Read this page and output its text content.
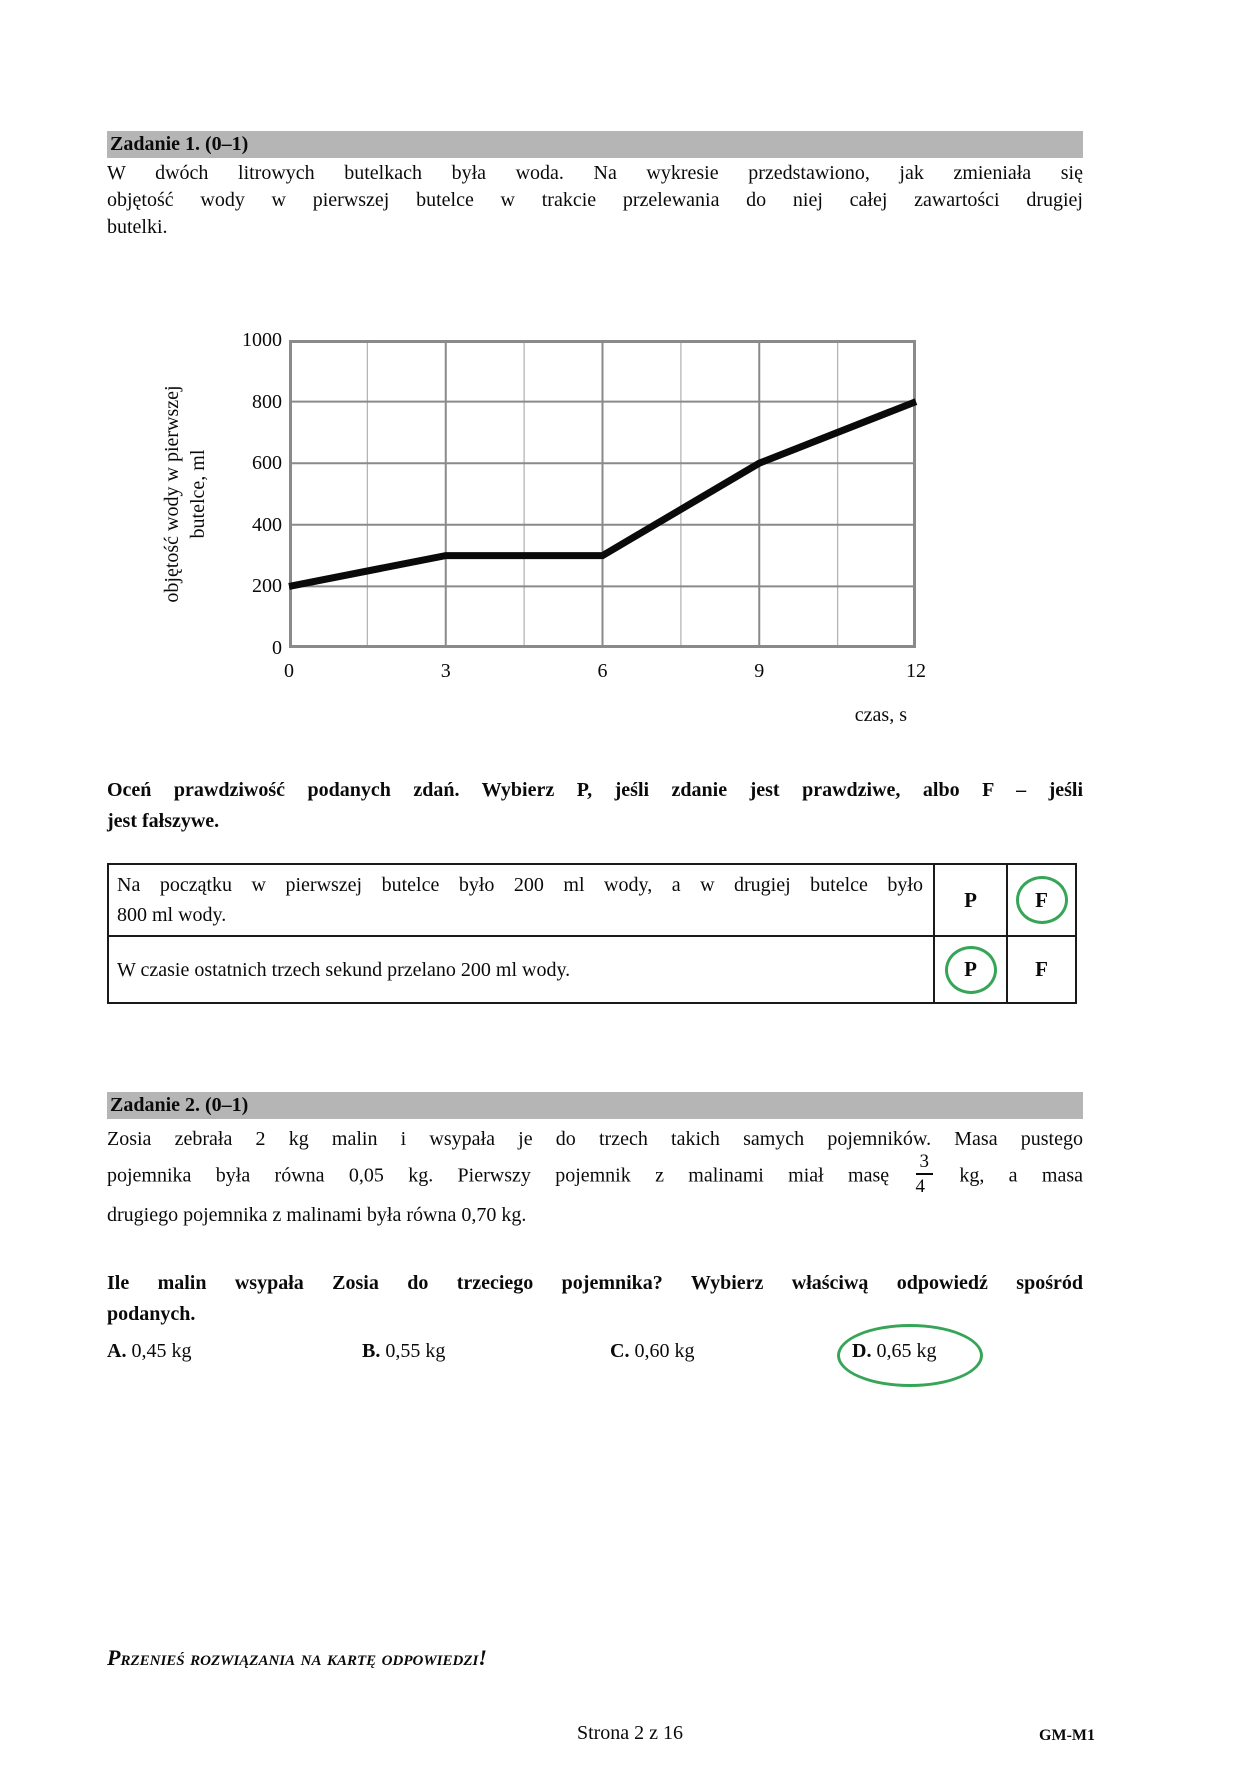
Zadanie 1. (0–1)
W dwóch litrowych butelkach była woda. Na wykresie przedstawiono, jak zmieniała się
objętość wody w pierwszej butelce w trakcie przelewania do niej całej zawartości drugiej
butelki.
objętość wody w pierwszej butelce, ml
0
200
400
600
800
1000
0	3	6	9	12
czas, s
Oceń prawdziwość podanych zdań. Wybierz P, jeśli zdanie jest prawdziwe, albo F – jeśli
jest fałszywe.
Na początku w pierwszej butelce było 200 ml wody, a w drugiej butelce było
800 ml wody.
P	F
W czasie ostatnich trzech sekund przelano 200 ml wody.	P	F
Zadanie 2. (0–1)
Zosia zebrała 2 kg malin i wsypała je do trzech takich samych pojemników. Masa pustego
pojemnika była równa 0,05 kg. Pierwszy pojemnik z malinami miał masę $\frac{3}{4}$ kg, a masa
drugiego pojemnika z malinami była równa 0,70 kg.
Ile malin wsypała Zosia do trzeciego pojemnika? Wybierz właściwą odpowiedź spośród
podanych.
A. 0,45 kg	B. 0,55 kg	C. 0,60 kg	D. 0,65 kg
Przenieś rozwiązania na kartę odpowiedzi!
Strona 2 z 16	GM-M1
